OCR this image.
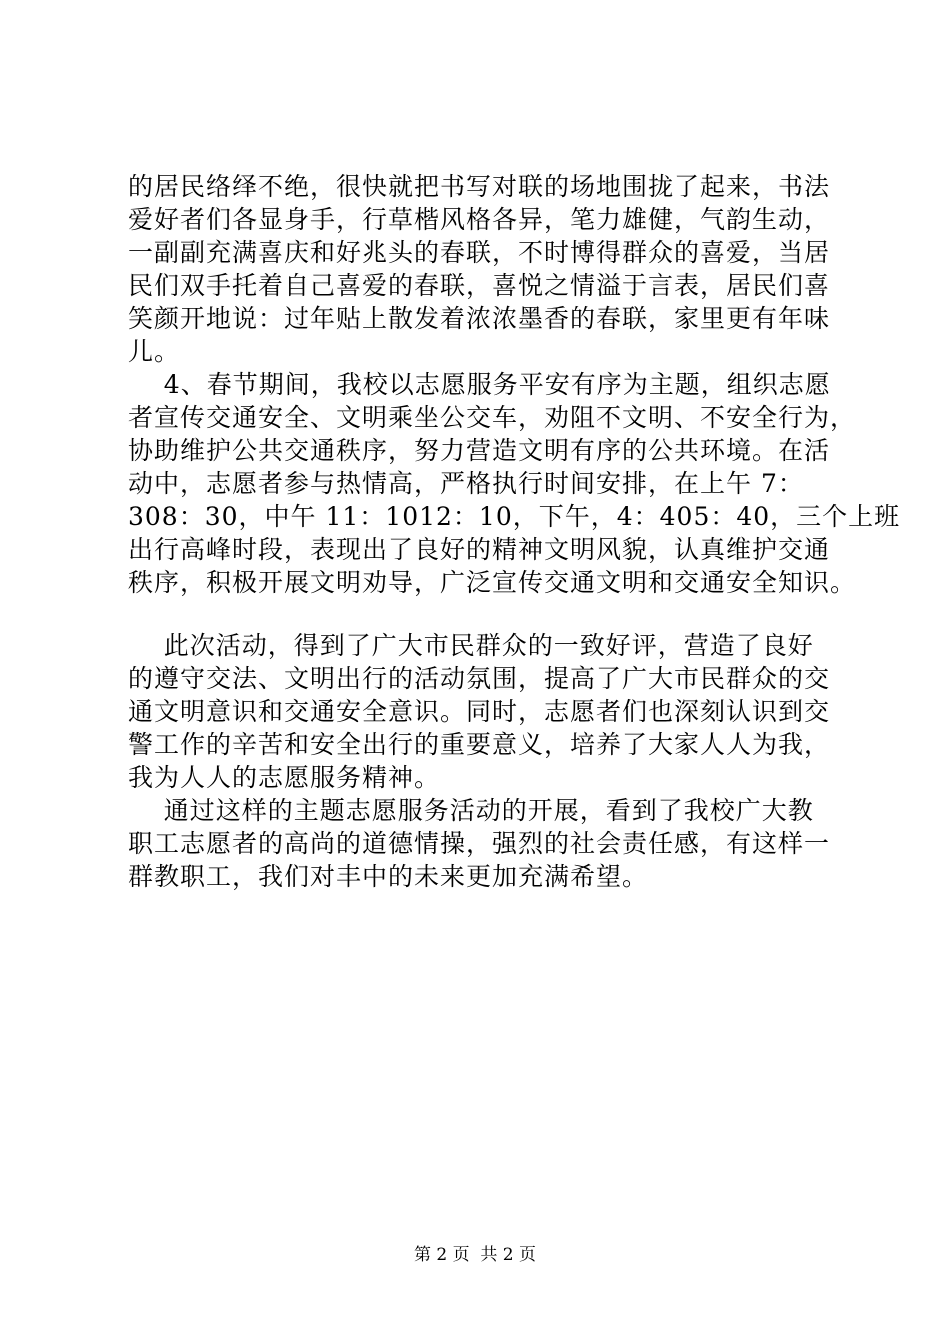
的居民络绎不绝，很快就把书写对联的场地围拢了起来，书法
爱好者们各显身手，行草楷风格各异，笔力雄健，气韵生动，
一副副充满喜庆和好兆头的春联，不时博得群众的喜爱，当居
民们双手托着自己喜爱的春联，喜悦之情溢于言表，居民们喜
笑颜开地说：过年贴上散发着浓浓墨香的春联，家里更有年味
儿。
4、春节期间，我校以志愿服务平安有序为主题，组织志愿
者宣传交通安全、文明乘坐公交车，劝阻不文明、不安全行为，
协助维护公共交通秩序，努力营造文明有序的公共环境。在活
动中，志愿者参与热情高，严格执行时间安排，在上午 7：
308：30，中午 11：1012：10，下午，4：405：40，三个上班
出行高峰时段，表现出了良好的精神文明风貌，认真维护交通
秩序，积极开展文明劝导，广泛宣传交通文明和交通安全知识。
此次活动，得到了广大市民群众的一致好评，营造了良好
的遵守交法、文明出行的活动氛围，提高了广大市民群众的交
通文明意识和交通安全意识。同时，志愿者们也深刻认识到交
警工作的辛苦和安全出行的重要意义，培养了大家人人为我，
我为人人的志愿服务精神。
通过这样的主题志愿服务活动的开展，看到了我校广大教
职工志愿者的高尚的道德情操，强烈的社会责任感，有这样一
群教职工，我们对丰中的未来更加充满希望。
第 2 页  共 2 页
